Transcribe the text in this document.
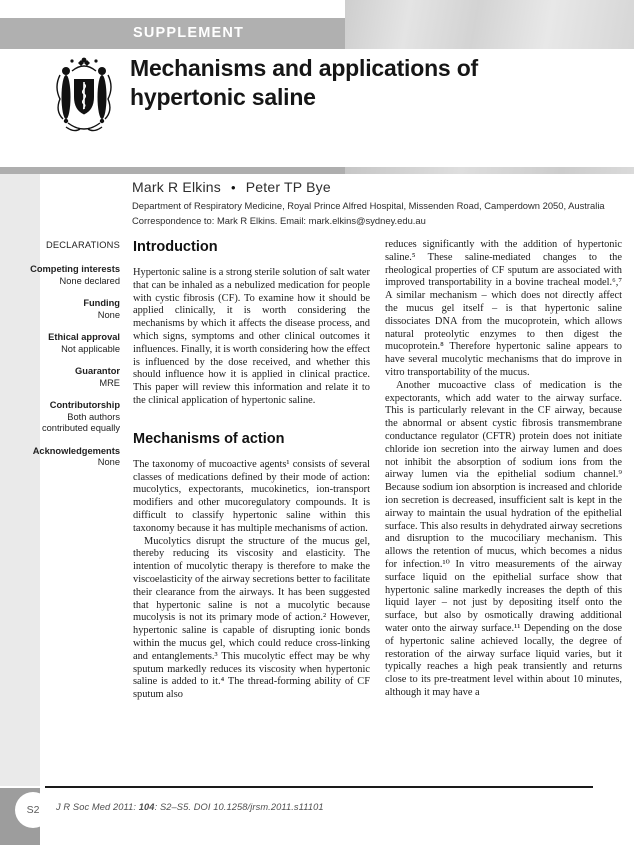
SUPPLEMENT
Mechanisms and applications of hypertonic saline
Mark R Elkins • Peter TP Bye
Department of Respiratory Medicine, Royal Prince Alfred Hospital, Missenden Road, Camperdown 2050, Australia
Correspondence to: Mark R Elkins. Email: mark.elkins@sydney.edu.au
DECLARATIONS
Competing interests
None declared
Funding
None
Ethical approval
Not applicable
Guarantor
MRE
Contributorship
Both authors contributed equally
Acknowledgements
None
Introduction

Hypertonic saline is a strong sterile solution of salt water that can be inhaled as a nebulized medication for people with cystic fibrosis (CF). To examine how it should be applied clinically, it is worth considering the mechanisms by which it affects the disease process, and which signs, symptoms and other clinical outcomes it influences. Finally, it is worth considering how the effect is influenced by the dose received, and whether this should influence how it is applied in clinical practice. This paper will review this information and relate it to the clinical application of hypertonic saline.

Mechanisms of action

The taxonomy of mucoactive agents¹ consists of several classes of medications defined by their mode of action: mucolytics, expectorants, mucokinetics, ion-transport modifiers and other mucoregulatory compounds. It is difficult to classify hypertonic saline within this taxonomy because it has multiple mechanisms of action.

Mucolytics disrupt the structure of the mucus gel, thereby reducing its viscosity and elasticity. The intention of mucolytic therapy is therefore to make the viscoelasticity of the airway secretions better to facilitate their clearance from the airways. It has been suggested that hypertonic saline is not a mucolytic because mucolysis is not its primary mode of action.² However, hypertonic saline is capable of disrupting ionic bonds within the mucus gel, which could reduce cross-linking and entanglements.³ This mucolytic effect may be why sputum markedly reduces its viscosity when hypertonic saline is added to it.⁴ The thread-forming ability of CF sputum also

reduces significantly with the addition of hypertonic saline.⁵ These saline-mediated changes to the rheological properties of CF sputum are associated with improved transportability in a bovine tracheal model.⁶,⁷ A similar mechanism – which does not directly affect the mucus gel itself – is that hypertonic saline dissociates DNA from the mucoprotein, which allows natural proteolytic enzymes to then digest the mucoprotein.⁸ Therefore hypertonic saline appears to have several mucolytic mechanisms that do improve in vitro transportability of the mucus.

Another mucoactive class of medication is the expectorants, which add water to the airway surface. This is particularly relevant in the CF airway, because the abnormal or absent cystic fibrosis transmembrane conductance regulator (CFTR) protein does not initiate chloride ion secretion into the airway lumen and does not inhibit the absorption of sodium ions from the airway lumen via the epithelial sodium channel.⁹ Because sodium ion absorption is increased and chloride ion secretion is decreased, insufficient salt is kept in the airway to maintain the usual hydration of the epithelial surface. This also results in dehydrated airway secretions and disruption to the mucociliary mechanism. This allows the retention of mucus, which becomes a nidus for infection.¹⁰ In vitro measurements of the airway surface liquid on the epithelial surface show that hypertonic saline markedly increases the depth of this liquid layer – not just by depositing itself onto the surface, but also by osmotically drawing additional water onto the airway surface.¹¹ Depending on the dose of hypertonic saline achieved locally, the degree of restoration of the airway surface liquid varies, but it typically reaches a high peak transiently and returns close to its pre-treatment level within about 10 minutes, although it may have a

S2 J R Soc Med 2011: 104: S2–S5. DOI 10.1258/jrsm.2011.s11101
